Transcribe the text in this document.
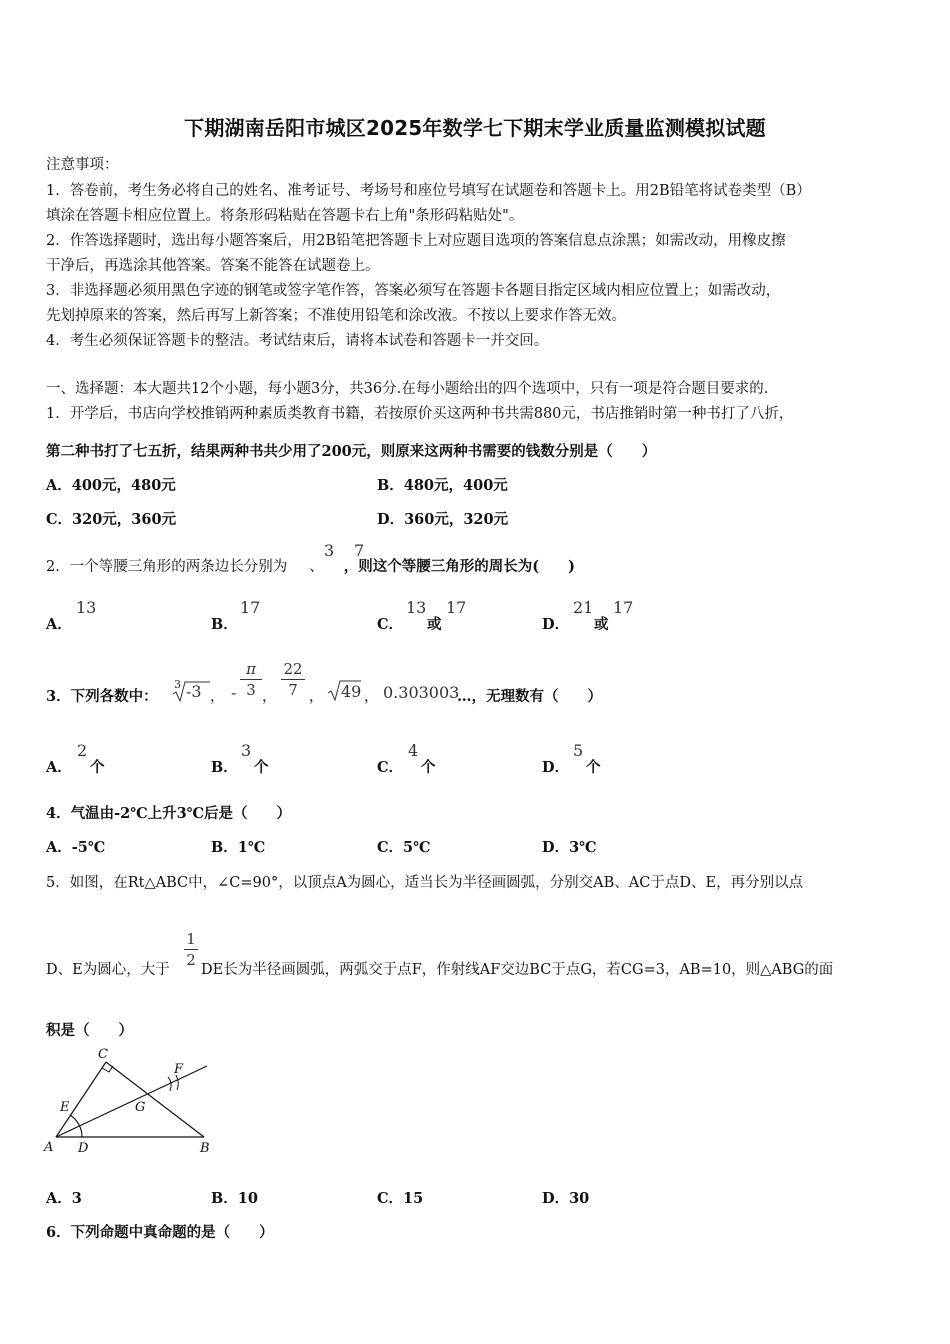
下期湖南岳阳市城区2025年数学七下期末学业质量监测模拟试题
注意事项：
1．答卷前，考生务必将自己的姓名、准考证号、考场号和座位号填写在试题卷和答题卡上。用2B铅笔将试卷类型（B）
填涂在答题卡相应位置上。将条形码粘贴在答题卡右上角"条形码粘贴处"。
2．作答选择题时，选出每小题答案后，用2B铅笔把答题卡上对应题目选项的答案信息点涂黑；如需改动，用橡皮擦
干净后，再选涂其他答案。答案不能答在试题卷上。
3．非选择题必须用黑色字迹的钢笔或签字笔作答，答案必须写在答题卡各题目指定区域内相应位置上；如需改动，
先划掉原来的答案，然后再写上新答案；不准使用铅笔和涂改液。不按以上要求作答无效。
4．考生必须保证答题卡的整洁。考试结束后，请将本试卷和答题卡一并交回。
一、选择题：本大题共12个小题，每小题3分，共36分.在每小题给出的四个选项中，只有一项是符合题目要求的.
1．开学后，书店向学校推销两种素质类教育书籍，若按原价买这两种书共需880元，书店推销时第一种书打了八折，
第二种书打了七五折，结果两种书共少用了200元，则原来这两种书需要的钱数分别是（　　）
A．400元，480元	B．480元，400元
C．320元，360元	D．360元，320元
2．一个等腰三角形的两条边长分别为 、 ，则这个等腰三角形的周长为(　　)
3 7
A．
13
B．
17
C．
13
或
17
D．
21
或
17
3．下列各数中：
3 -3 ， -
π
3 ，
22
7 ， 49 ， 0.303003
…，无理数有（　　）
A．
2
个	B．
3
个	C．
4
个	D．
5
个
4．气温由-2℃上升3℃后是（　　）
A．-5℃	B．1℃	C．5℃	D．3℃
5．如图，在Rt△ABC中，∠C=90°，以顶点A为圆心，适当长为半径画圆弧，分别交AB、AC于点D、E，再分别以点
D、E为圆心，大于
1
2
DE长为半径画圆弧，两弧交于点F，作射线AF交边BC于点G，若CG=3，AB=10，则△ABG的面
积是（　　）
A D	B
C
E	G
F
A．3	B．10	C．15	D．30
6．下列命题中真命题的是（　　）
